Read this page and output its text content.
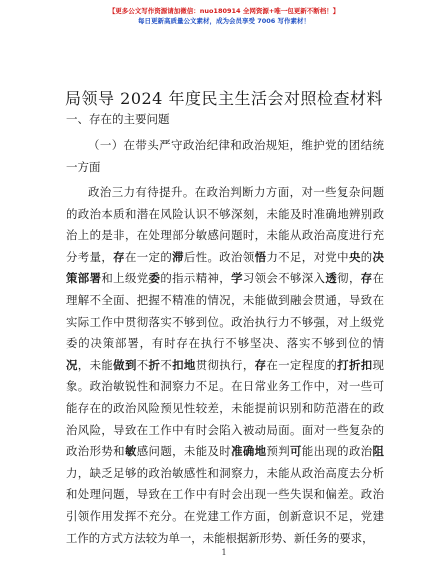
【更多公文写作资源请加微信：nuo180914 全网资源+唯一包更新不断档！】
每日更新高质量公文素材，成为会员享受 7006 写作素材！
局领导 2024 年度民主生活会对照检查材料
一、存在的主要问题
（一）在带头严守政治纪律和政治规矩，维护党的团结统一方面
政治三力有待提升。在政治判断力方面，对一些复杂问题的政治本质和潜在风险认识不够深刻，未能及时准确地辨别政治上的是非，在处理部分敏感问题时，未能从政治高度进行充分考量，存在一定的滞后性。政治领悟力不足，对党中央的决策部署和上级党委的指示精神，学习领会不够深入透彻，存在理解不全面、把握不精准的情况，未能做到融会贯通，导致在实际工作中贯彻落实不够到位。政治执行力不够强，对上级党委的决策部署，有时存在执行不够坚决、落实不够到位的情况，未能做到不折不扣地贯彻执行，存在一定程度的打折扣现象。政治敏锐性和洞察力不足。在日常业务工作中，对一些可能存在的政治风险预见性较差，未能提前识别和防范潜在的政治风险，导致在工作中有时会陷入被动局面。面对一些复杂的政治形势和敏感问题，未能及时准确地预判可能出现的政治阻力，缺乏足够的政治敏感性和洞察力，未能从政治高度去分析和处理问题，导致在工作中有时会出现一些失误和偏差。政治引领作用发挥不充分。在党建工作方面，创新意识不足，党建工作的方式方法较为单一，未能根据新形势、新任务的要求，
1
